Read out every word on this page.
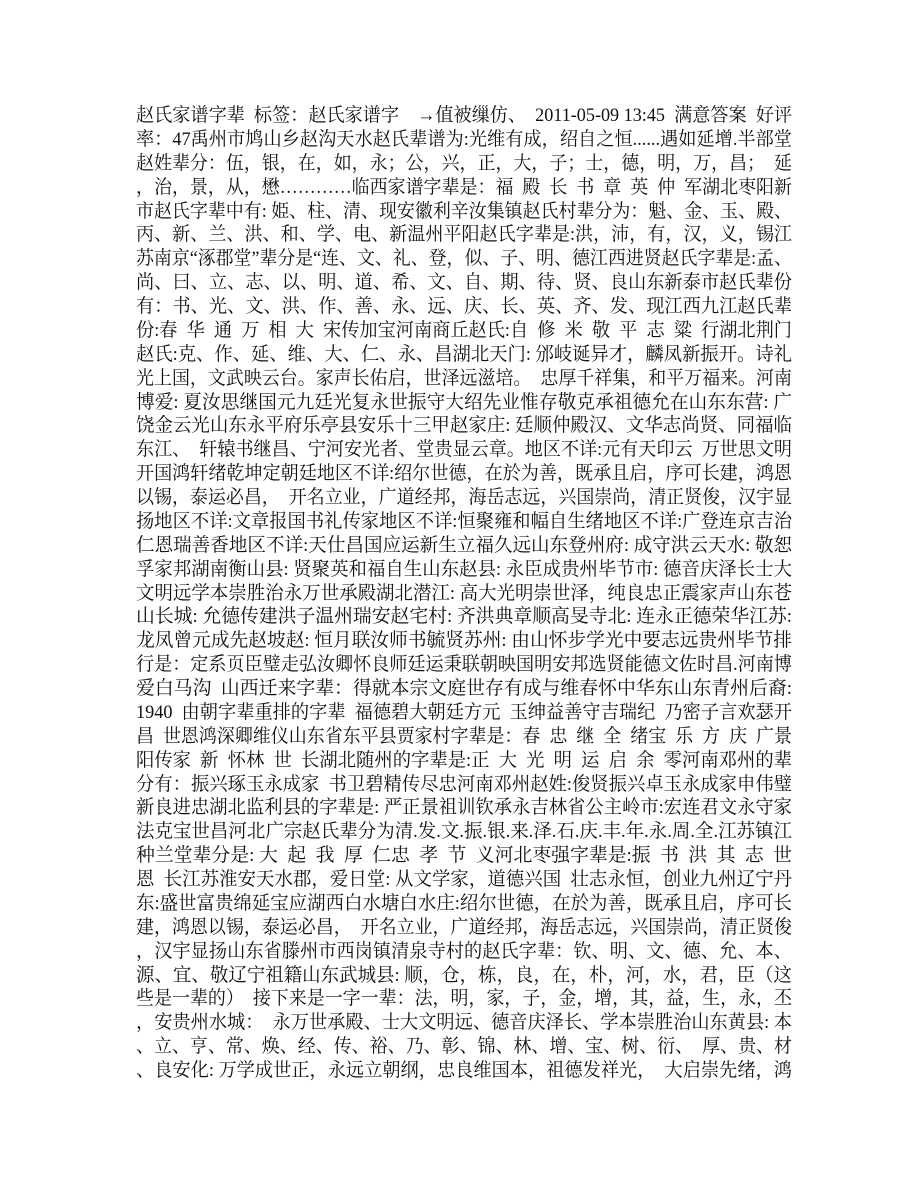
赵氏家谱字辈  标签：赵氏家谱字    →值被缫仿、  2011-05-09 13:45  满意答案  好评
率：47禹州市鸠山乡赵沟天水赵氏辈谱为:光维有成，绍自之恒......遇如延增.半部堂
赵姓辈分：伍，银，在，如，永；公，兴，正，大，子；士，德，明，万，昌；  延
，治，景，从，懋…………临西家谱字辈是：福  殿  长  书  章  英  仲  军湖北枣阳新
市赵氏字辈中有: 姫、柱、清、现安徽利辛汝集镇赵氏村辈分为：魁、金、玉、殿、
丙、新、兰、洪、和、学、电、新温州平阳赵氏字辈是:洪，沛，有，汉，义，锡江
苏南京“涿郡堂”辈分是“连、文、礼、登，似、子、明、德江西进贤赵氏字辈是:孟、
尚、曰、立、志、以、明、道、希、文、自、期、待、贤、良山东新泰市赵氏辈份
有：书、光、文、洪、作、善、永、远、庆、长、英、齐、发、现江西九江赵氏辈
份:春  华  通  万  相  大  宋传加宝河南商丘赵氏:自  修  米  敬  平  志  粱  行湖北荆门
赵氏:克、作、延、维、大、仁、永、昌湖北天门: 邠岐诞异才，麟凤新振开。诗礼
光上国，文武映云台。家声长佑启，世泽远滋培。  忠厚千祥集，和平万福来。河南
博爱: 夏汝思继国元九廷光复永世振守大绍先业惟存敬克承祖德允在山东东营: 广
饶金云光山东永平府乐亭县安乐十三甲赵家庄: 廷顺仲殿汉、文华志尚贤、同福临
东江、  轩辕书继昌、宁河安光者、堂贵显云章。地区不详:元有天印云  万世思文明
开国鸿轩绪乾坤定朝廷地区不详:绍尔世德，在於为善，既承且启，序可长建，鸿恩
以锡，泰运必昌，  开名立业，广道经邦，海岳志远，兴国崇尚，清正贤俊，汉宇显
扬地区不详:文章报国书礼传家地区不详:恒聚雍和幅自生绪地区不详:广登连京吉治
仁恩瑞善香地区不详:天仕昌国应运新生立福久远山东登州府: 成守洪云天水: 敬恕
孚家邦湖南衡山县: 贤聚英和福自生山东赵县: 永臣成贵州毕节市: 德音庆泽长士大
文明远学本崇胜治永万世承殿湖北潜江: 高大光明崇世泽，纯良忠正震家声山东苍
山长城: 允德传建洪子温州瑞安赵宅村: 齐洪典章顺高旻寺北: 连永正德荣华江苏:
龙凤曾元成先赵坡赵: 恒月联汝师书毓贤苏州: 由山怀步学光中要志远贵州毕节排
行是：定系页臣璧走弘汝卿怀良师廷运秉联朝映国明安邦选贤能德文佐时昌.河南博
爱白马沟  山西迁来字辈：得就本宗文庭世存有成与维春怀中华东山东青州后裔:
1940  由朝字辈重排的字辈  福德碧大朝廷方元  玉绅益善守吉瑞纪  乃密子言欢瑟开
昌  世恩鸿深卿维仪山东省东平县贾家村字辈是：春  忠  继  全  绪宝  乐  方  庆  广景
阳传家  新  怀林  世  长湖北随州的字辈是:正  大  光  明  运  启  余  零河南邓州的辈
分有：振兴琢玉永成家  书卫碧精传尽忠河南邓州赵姓:俊贤振兴卓玉永成家申伟璧
新良进忠湖北监利县的字辈是: 严正景祖训钦承永吉林省公主岭市:宏连君文永守家
法克宝世昌河北广宗赵氏辈分为清.发.文.振.银.来.泽.石.庆.丰.年.永.周.全.江苏镇江
种兰堂辈分是: 大  起  我  厚  仁忠  孝  节  义河北枣强字辈是:振  书  洪  其  志  世
恩  长江苏淮安天水郡，爱日堂: 从文学家，道德兴国  壮志永恒，创业九州辽宁丹
东:盛世富贵绵延宝应湖西白水塘白水庄:绍尔世德，在於为善，既承且启，序可长
建，鸿恩以锡，泰运必昌，  开名立业，广道经邦，海岳志远，兴国崇尚，清正贤俊
，汉宇显扬山东省滕州市西岗镇清泉寺村的赵氏字辈：钦、明、文、德、允、本、
源、宜、敬辽宁祖籍山东武城县: 顺，仓，栋，良，在，朴，河，水，君，臣（这
些是一辈的）  接下来是一字一辈：法，明，家，子，金，增，其，益，生，永，丕
，安贵州水城：  永万世承殿、士大文明远、德音庆泽长、学本崇胜治山东黄县: 本
、立、亨、常、焕、经、传、裕、乃、彰、锦、林、增、宝、树、衍、  厚、贵、材
、良安化: 万学成世正，永远立朝纲，忠良维国本，祖德发祥光，  大启崇先绪，鸿
